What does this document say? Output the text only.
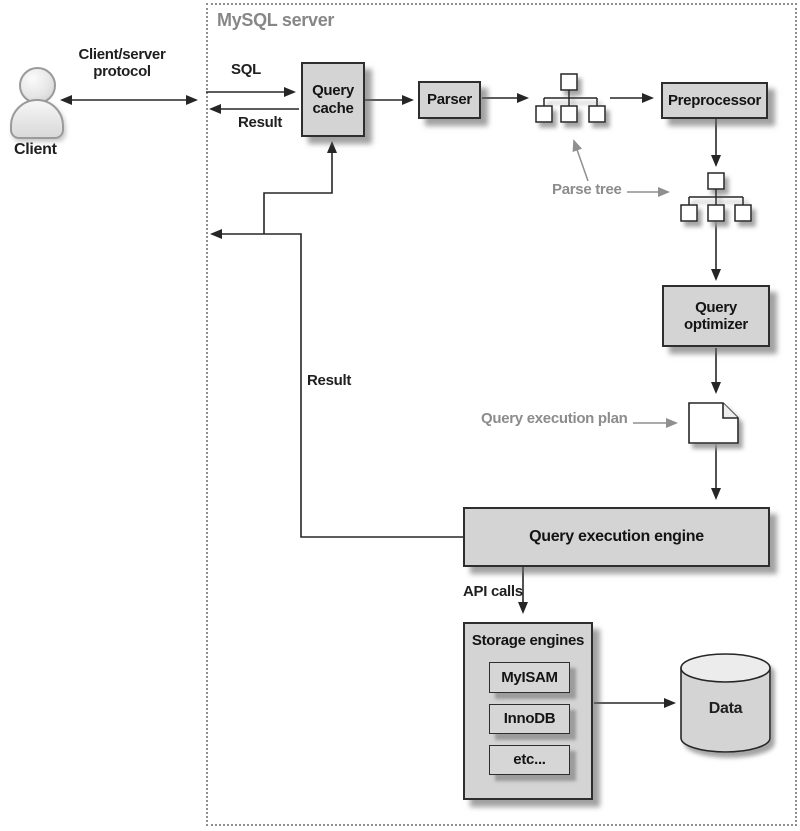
MySQL server
Client
Client/server
protocol	SQL
Result
Result
Parse tree
Query execution plan
API calls
Query cache	Parser	Preprocessor
Query optimizer
Query execution engine
Storage engines
MyISAM
InnoDB
etc...
Data
